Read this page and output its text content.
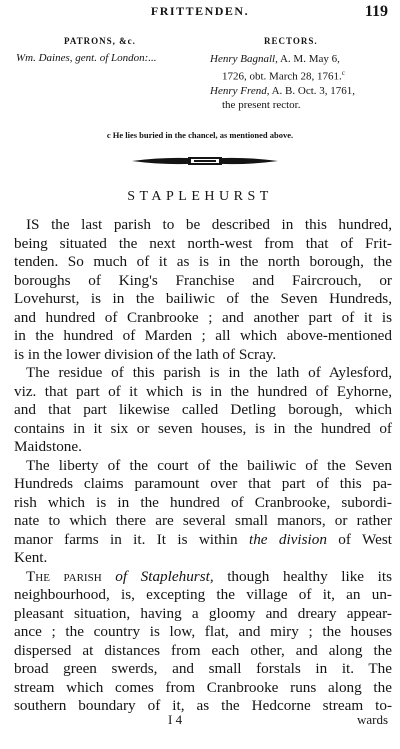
FRITTENDEN.	119
PATRONS, &c.	RECTORS.
Wm. Daines, gent. of London:...	Henry Bagnall, A. M. May 6,
1726, obt. March 28, 1761.$^c$
Henry Frend, A. B. Oct. 3, 1761,
the present rector.
c He lies buried in the chancel, as mentioned above.
STAPLEHURST
IS the last parish to be described in this hundred,
being situated the next north-west from that of Frit-
tenden. So much of it as is in the north borough, the
boroughs of King's Franchise and Faircrouch, or
Lovehurst, is in the bailiwic of the Seven Hundreds,
and hundred of Cranbrooke ; and another part of it is
in the hundred of Marden ; all which above-mentioned
is in the lower division of the lath of Scray.
The residue of this parish is in the lath of Aylesford,
viz. that part of it which is in the hundred of Eyhorne,
and that part likewise called Detling borough, which
contains in it six or seven houses, is in the hundred of
Maidstone.
The liberty of the court of the bailiwic of the Seven
Hundreds claims paramount over that part of this pa-
rish which is in the hundred of Cranbrooke, subordi-
nate to which there are several small manors, or rather
manor farms in it. It is within the division of West
Kent.
The parish of Staplehurst, though healthy like its
neighbourhood, is, excepting the village of it, an un-
pleasant situation, having a gloomy and dreary appear-
ance ; the country is low, flat, and miry ; the houses
dispersed at distances from each other, and along the
broad green swerds, and small forstals in it. The
stream which comes from Cranbrooke runs along the
southern boundary of it, as the Hedcorne stream to-
I 4	wards
